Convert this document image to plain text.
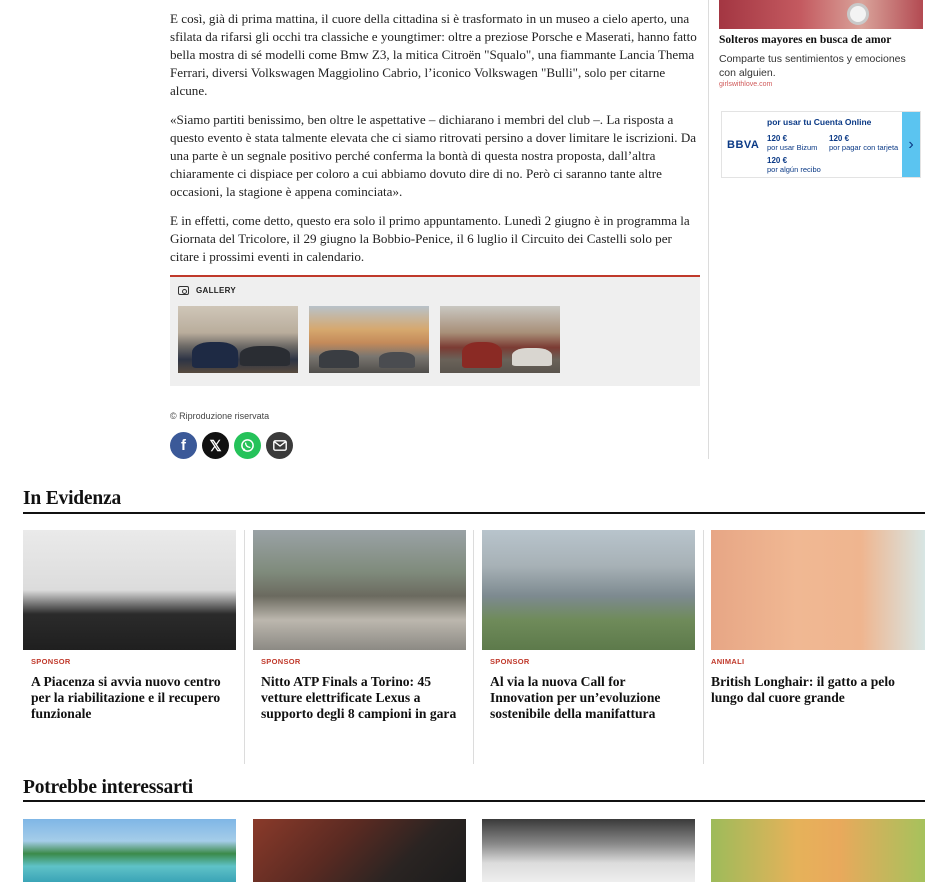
E così, già di prima mattina, il cuore della cittadina si è trasformato in un museo a cielo aperto, una sfilata da rifarsi gli occhi tra classiche e youngtimer: oltre a preziose Porsche e Maserati, hanno fatto bella mostra di sé modelli come Bmw Z3, la mitica Citroën "Squalo", una fiammante Lancia Thema Ferrari, diversi Volkswagen Maggiolino Cabrio, l’iconico Volkswagen "Bulli", solo per citarne alcune.

«Siamo partiti benissimo, ben oltre le aspettative – dichiarano i membri del club –. La risposta a questo evento è stata talmente elevata che ci siamo ritrovati persino a dover limitare le iscrizioni. Da una parte è un segnale positivo perché conferma la bontà di questa nostra proposta, dall’altra chiaramente ci dispiace per coloro a cui abbiamo dovuto dire di no. Però ci saranno tante altre occasioni, la stagione è appena cominciata».

E in effetti, come detto, questo era solo il primo appuntamento. Lunedì 2 giugno è in programma la Giornata del Tricolore, il 29 giugno la Bobbio-Penice, il 6 luglio il Circuito dei Castelli solo per citare i prossimi eventi in calendario.

GALLERY
© Riproduzione riservata
f 𝕏
Solteros mayores en busca de amor
Comparte tus sentimientos y emociones con alguien.
girlswithlove.com
BBVA
por usar tu Cuenta Online
120 €
por usar Bizum
120 €
por pagar con tarjeta
120 €
por algún recibo
›
In Evidenza
SPONSOR
A Piacenza si avvia nuovo centro per la riabilitazione e il recupero funzionale
SPONSOR
Nitto ATP Finals a Torino: 45 vetture elettrificate Lexus a supporto degli 8 campioni in gara
SPONSOR
Al via la nuova Call for Innovation per un’evoluzione sostenibile della manifattura
ANIMALI
British Longhair: il gatto a pelo lungo dal cuore grande
Potrebbe interessarti
